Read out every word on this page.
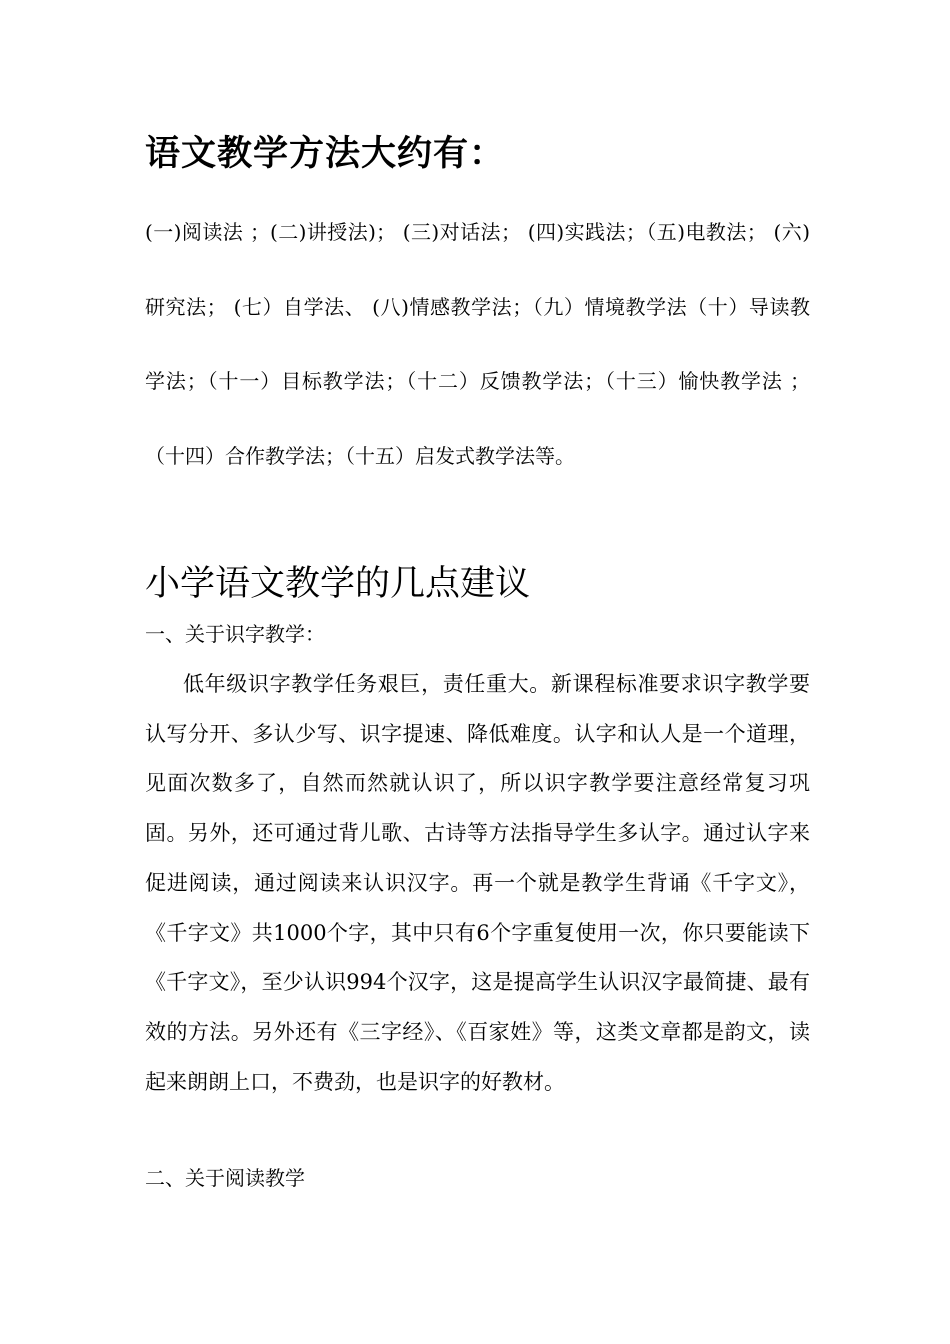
语文教学方法大约有：

(一)阅读法 ；(二)讲授法)； (三)对话法； (四)实践法；（五)电教法； (六)研究法； (七）自学法、 (八)情感教学法；（九）情境教学法（十）导读教学法；（十一）目标教学法；（十二）反馈教学法；（十三）愉快教学法 ； （十四）合作教学法；（十五）启发式教学法等。

小学语文教学的几点建议

一、关于识字教学：

低年级识字教学任务艰巨，责任重大。新课程标准要求识字教学要认写分开、多认少写、识字提速、降低难度。认字和认人是一个道理，见面次数多了，自然而然就认识了，所以识字教学要注意经常复习巩固。另外，还可通过背儿歌、古诗等方法指导学生多认字。通过认字来促进阅读，通过阅读来认识汉字。再一个就是教学生背诵《千字文》，《千字文》共1000个字，其中只有6个字重复使用一次，你只要能读下《千字文》，至少认识994个汉字，这是提高学生认识汉字最简捷、最有效的方法。另外还有《三字经》、《百家姓》等，这类文章都是韵文，读起来朗朗上口，不费劲，也是识字的好教材。

二、关于阅读教学
